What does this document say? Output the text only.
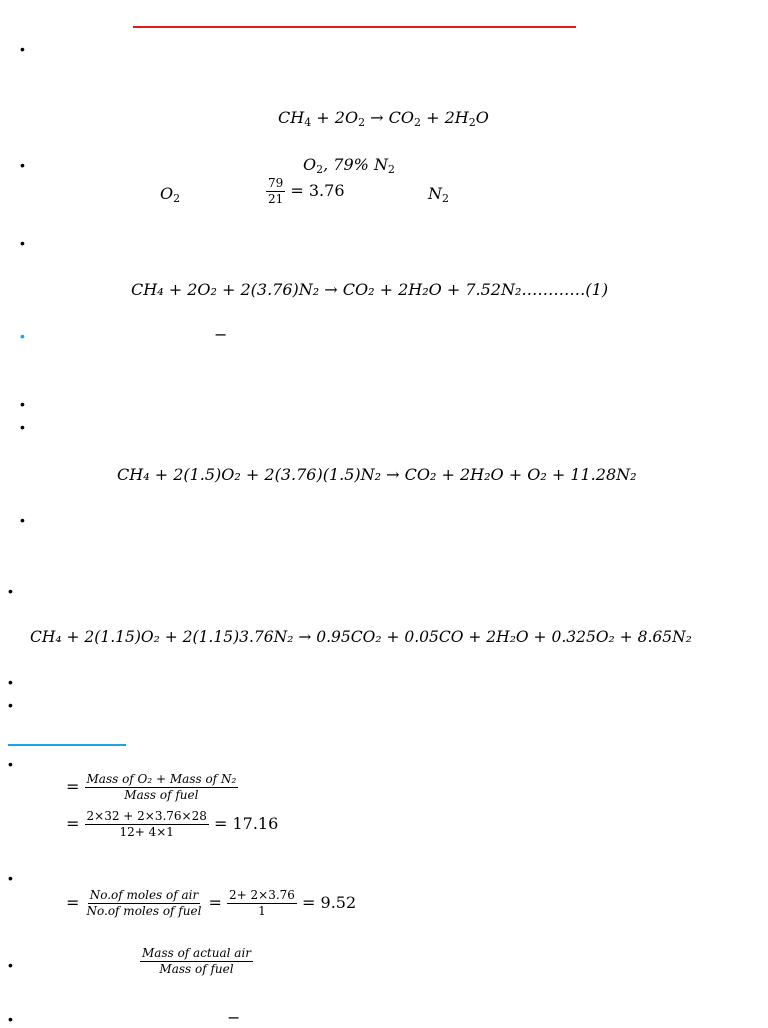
•
•
•
•
•
•
•
•
•
•
•
•
•
•
$CH_4 + 2O_2 \to CO_2 + 2H_2O$
$O_2$, 79% $N_2$
$O_2$	$\frac{79}{21} = 3.76$	$N_2$
CH₄ + 2O₂ + 2(3.76)N₂ → CO₂ + 2H₂O + 7.52N₂…………(1)
−
CH₄ + 2(1.5)O₂ + 2(3.76)(1.5)N₂ → CO₂ + 2H₂O + O₂ + 11.28N₂
CH₄ + 2(1.15)O₂ + 2(1.15)3.76N₂ → 0.95CO₂ + 0.05CO + 2H₂O + 0.325O₂ + 8.65N₂
= $\frac{\text{Mass of O₂ + Mass of N₂}}{\text{Mass of fuel}}$
= $\frac{2\times 32 + 2\times 3.76\times 28}{12+ 4\times 1} = 17.16$
= $\frac{\text{No.of moles of air}}{\text{No.of moles of fuel}} = \frac{2+ 2\times 3.76}{1} = 9.52$
$\frac{\text{Mass of actual air}}{\text{Mass of fuel}}$
−
